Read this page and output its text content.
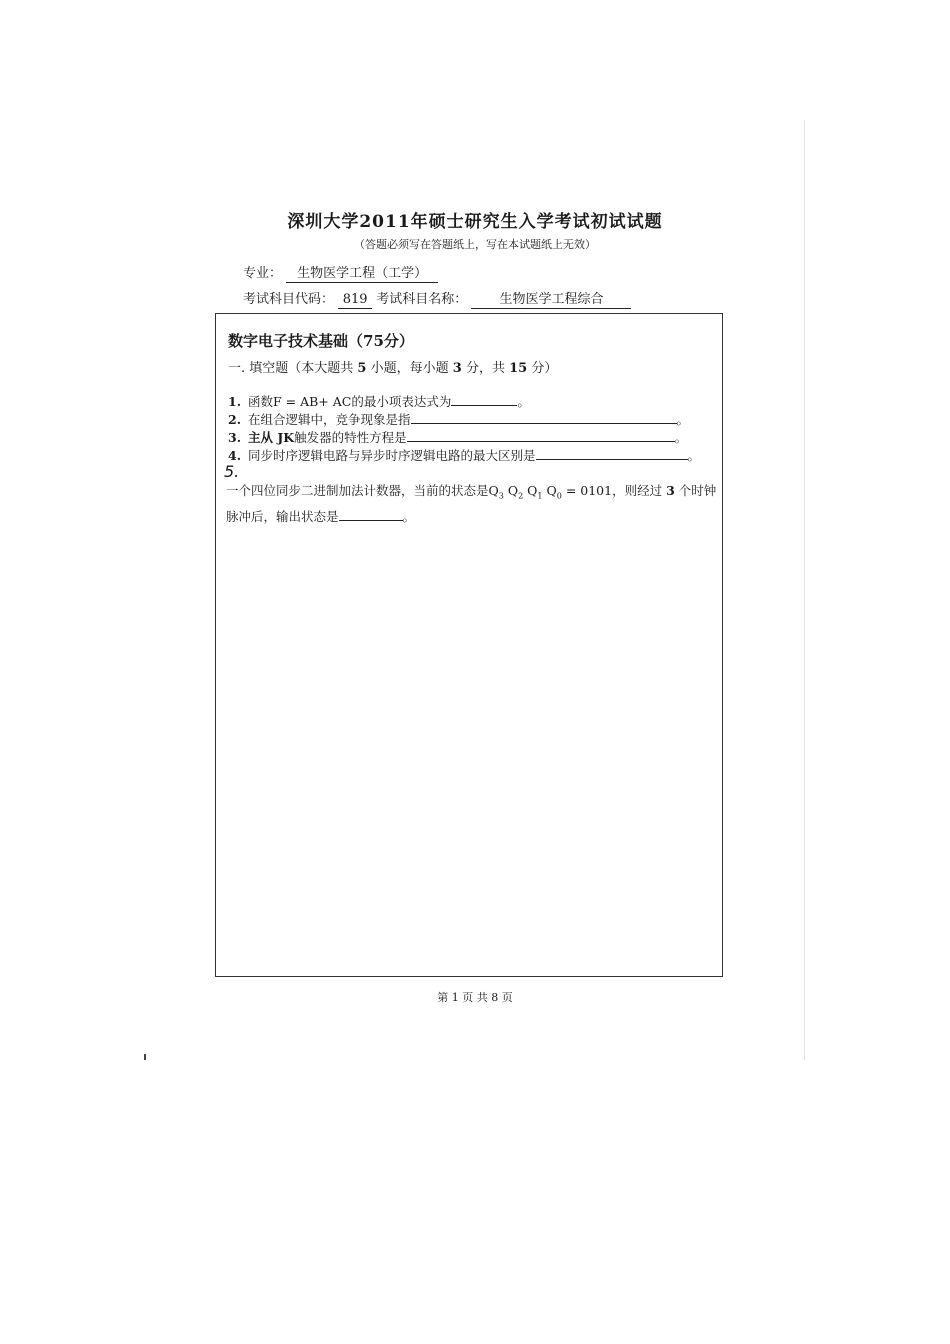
深圳大学2011年硕士研究生入学考试初试试题
（答题必须写在答题纸上，写在本试题纸上无效）
专业： 生物医学工程（工学）
考试科目代码： 819 考试科目名称： 生物医学工程综合
数字电子技术基础（75分）
一. 填空题（本大题共 5 小题，每小题 3 分，共 15 分）
1. 函数F = AB+ AC的最小项表达式为	。
2. 在组合逻辑中，竞争现象是指	。
3. 主从 JK触发器的特性方程是	。
4. 同步时序逻辑电路与异步时序逻辑电路的最大区别是	。
5.
一个四位同步二进制加法计数器，当前的状态是$Q_3$ $Q_2$ $Q_1$ $Q_0 = 0101$，则经过 3 个时钟
脉冲后，输出状态是	。
第 1 页 共 8 页
